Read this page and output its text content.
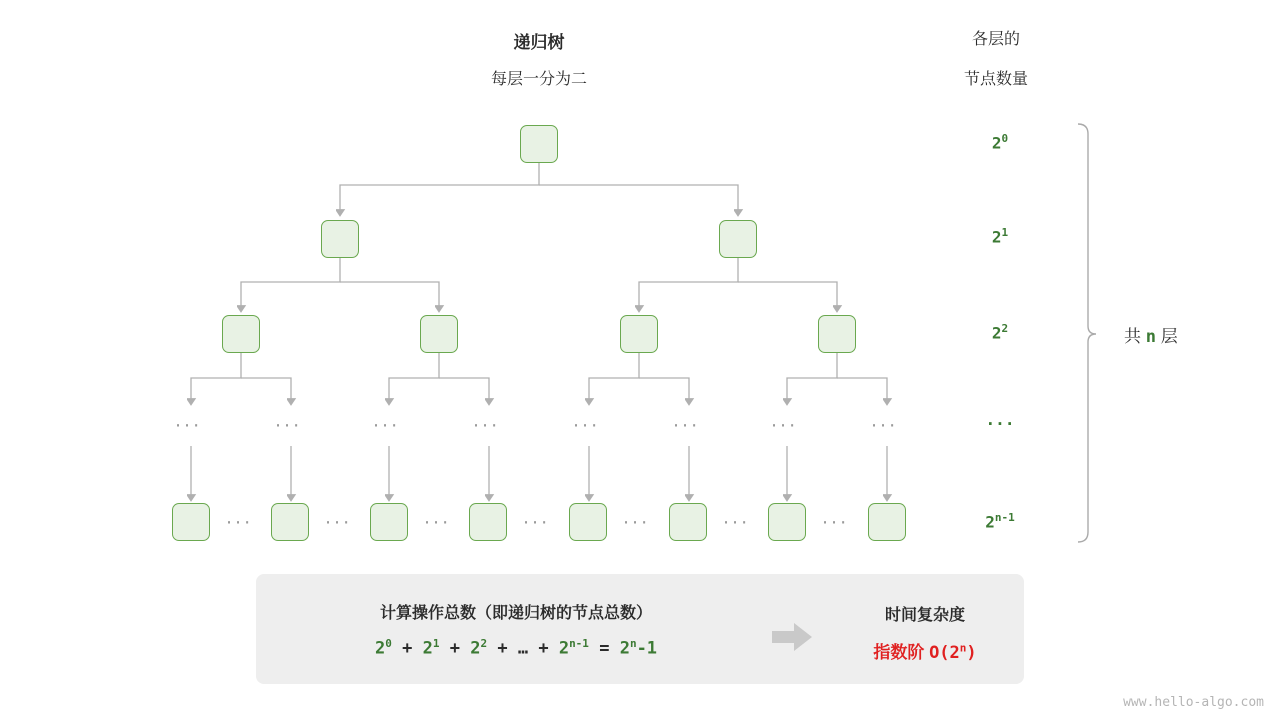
递归树
每层一分为二
各层的
节点数量
···	···	···	···	···	···	···	···
···	···	···	···	···	···	···
$2^0$
$2^1$
$2^2$
···
$2^{n-1}$
共 n 层
计算操作总数（即递归树的节点总数）
$2^0 + 2^1 + 2^2$ + … + $2^{n-1} = 2^n-1$
时间复杂度
指数阶 O(2$^n$)
www.hello-algo.com
